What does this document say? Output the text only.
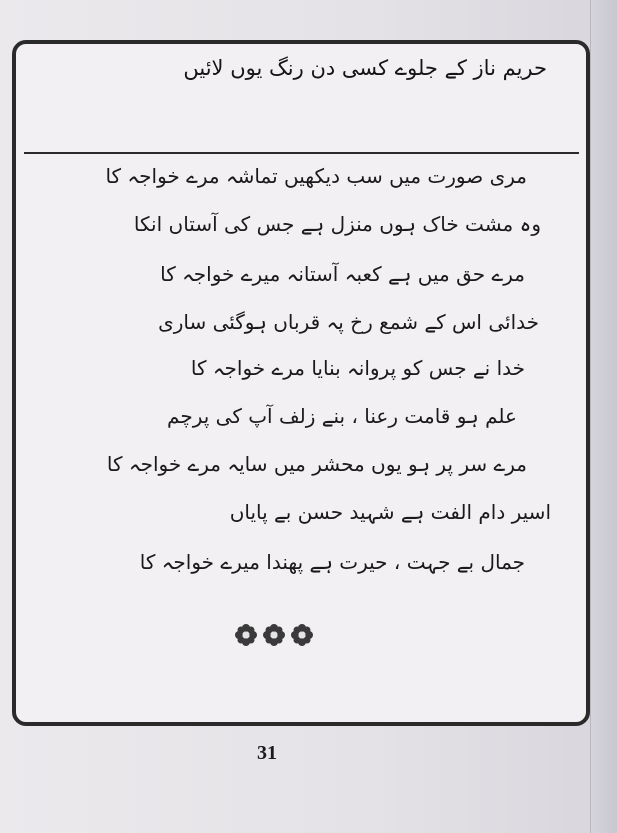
حریم ناز کے جلوے کسی دن رنگ یوں لائیں
مری صورت میں سب دیکھیں تماشہ مرے خواجہ کا
وہ مشت خاک ہوں منزل ہے جس کی آستاں انکا
مرے حق میں ہے کعبہ آستانہ میرے خواجہ کا
خدائی اس کے شمع رخ پہ قرباں ہوگئی ساری
خدا نے جس کو پروانہ بنایا مرے خواجہ کا
علم ہو قامت رعنا ، بنے زلف آپ کی پرچم
مرے سر پر ہو یوں محشر میں سایہ مرے خواجہ کا
اسیر دام الفت ہے شہید حسن بے پایاں
جمال بے جہت ، حیرت ہے پھندا میرے خواجہ کا
31
